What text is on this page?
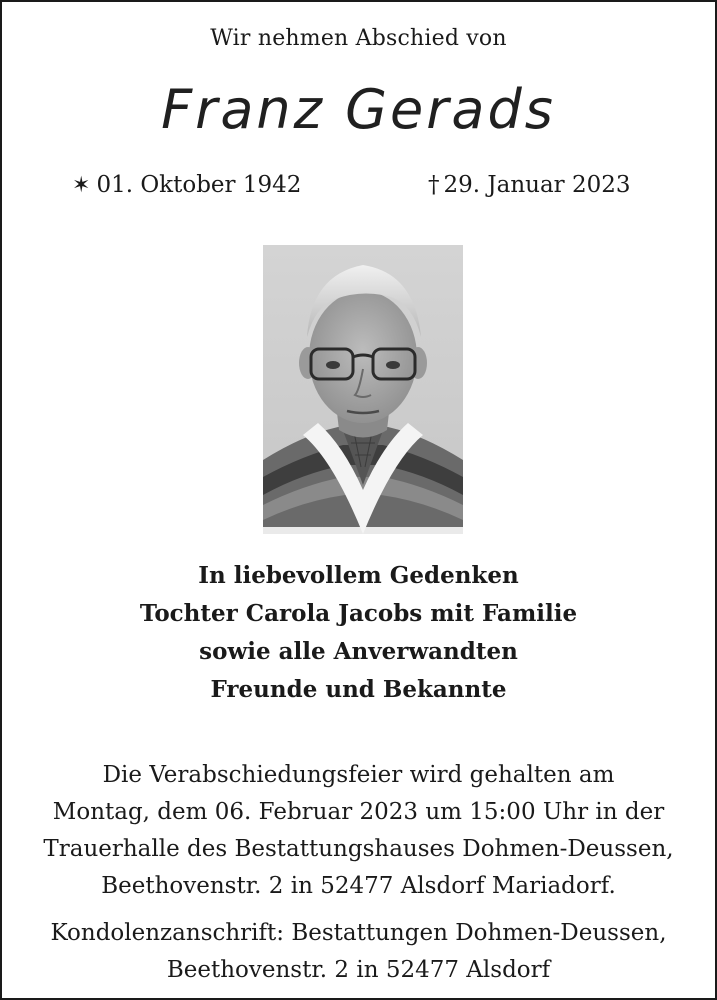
Wir nehmen Abschied von
Franz Gerads
✶ 01. Oktober 1942	† 29. Januar 2023
In liebevollem Gedenken
Tochter Carola Jacobs mit Familie
sowie alle Anverwandten
Freunde und Bekannte
Die Verabschiedungsfeier wird gehalten am
Montag, dem 06. Februar 2023 um 15:00 Uhr in der
Trauerhalle des Bestattungshauses Dohmen-Deussen,
Beethovenstr. 2 in 52477 Alsdorf Mariadorf.
Kondolenzanschrift: Bestattungen Dohmen-Deussen,
Beethovenstr. 2 in 52477 Alsdorf
